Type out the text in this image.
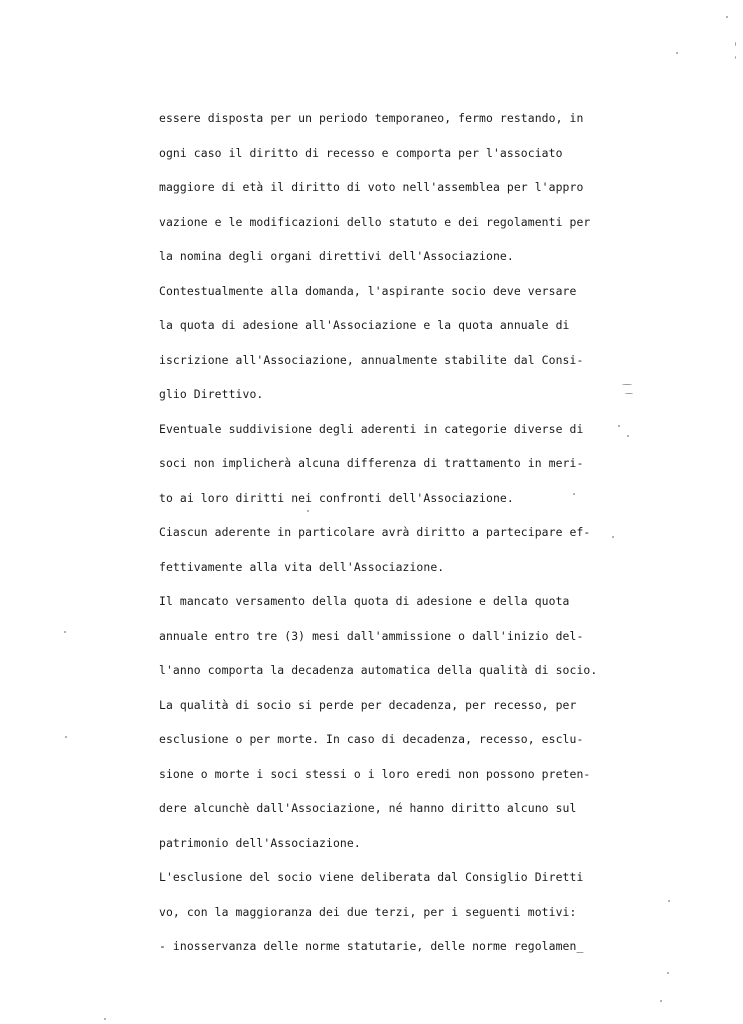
essere disposta per un periodo temporaneo, fermo restando, in
ogni caso il diritto di recesso e comporta per l'associato
maggiore di età il diritto di voto nell'assemblea per l'appro
vazione e le modificazioni dello statuto e dei regolamenti per
la nomina degli organi direttivi dell'Associazione.
Contestualmente alla domanda, l'aspirante socio deve versare
la quota di adesione all'Associazione e la quota annuale di
iscrizione all'Associazione, annualmente stabilite dal Consi-
glio Direttivo.
Eventuale suddivisione degli aderenti in categorie diverse di
soci non implicherà alcuna differenza di trattamento in meri-
to ai loro diritti nei confronti dell'Associazione.
Ciascun aderente in particolare avrà diritto a partecipare ef-
fettivamente alla vita dell'Associazione.
Il mancato versamento della quota di adesione e della quota
annuale entro tre (3) mesi dall'ammissione o dall'inizio del-
l'anno comporta la decadenza automatica della qualità di socio.
La qualità di socio si perde per decadenza, per recesso, per
esclusione o per morte. In caso di decadenza, recesso, esclu-
sione o morte i soci stessi o i loro eredi non possono preten-
dere alcunchè dall'Associazione, né hanno diritto alcuno sul
patrimonio dell'Associazione.
L'esclusione del socio viene deliberata dal Consiglio Diretti
vo, con la maggioranza dei due terzi, per i seguenti motivi:
- inosservanza delle norme statutarie, delle norme regolamen_
